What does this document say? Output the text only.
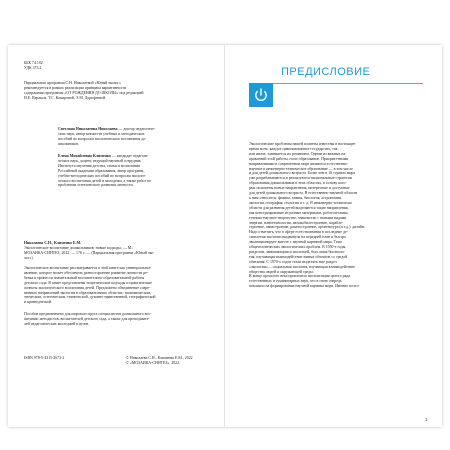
ББК 74.102
УДК 373.2
Парциальная программа С.Н. Николаевой «Юный эколог»
рекомендуется в рамках реализации принципа вариативности
содержания программы «ОТ РОЖДЕНИЯ ДО ШКОЛЫ» под редакцией
Н.Е. Вераксы, Т.С. Комаровой, Э.М. Дорофеевой.
Светлана Николаевна Николаева — доктор педагогиче-
ских наук, автор множеств учебных и методических
пособий по вопросам экологического воспитания до-
школьников.
Елена Михайловна Клименко — кандидат педагоги-
ческих наук, доцент, ведущий научный сотрудник
Института изучения детства, семьи и воспитания
Российской академии образования, автор программ,
учебно-методических пособий по вопросам экологи-
ческого воспитания детей и молодежи, а также работ по
проблемам эстетического развития личности.
Николаева С.Н., Клименко Е.М.
Экологическое воспитание дошкольников: новые подходы. — М.:
МОЗАИКА-СИНТЕЗ, 2022. — 176 с. — (Парциальная программа «Юный эко-
лог»).
Экологическое воспитание рассматривается в этой книге как универсальное
явление, которое может обеспечить разностороннее развитие личности ре-
бенка и принести значительный воспитательно-образовательной работы
детского сада. В книге представлены теоретические подходы и практические
аспекты экологического воспитания детей. Предложено объединение совре-
менных направлений экологии в образовательных областях: экономическом,
этическом, эстетическом, технической, духовно-нравственной, географической
и краеведческой.
Пособие предназначено для широкого круга специалистов дошкольного вос-
питания: методистов, воспитателей детского сада, а также для преподавате-
лей педагогических колледжей и вузов.
ISBN 978-5-4315-2673-2	© Николаева С.Н., Клименко Е.М., 2022
© «МОЗАИКА-СИНТЕЗ», 2022
ПРЕДИСЛОВИЕ
Экологические проблемы нашей планеты известны в настоящее
время всем: каждое цивилизованное государство, так
или иначе, занимается их решением. Одним из важных на-
правлений этой работы стало образование. Приоритетными
направлениями в современном мире являются естественно-
научное и инженерно-техническое образование — в том числе
и для детей дошкольного возраста. Более чем в 10 странах мира
уже разрабатываются и реализуются национальные стратегии
образования дошкольников в этих областях, в основу кото-
рых положены новые направления, интересные и доступные
для детей дошкольного возраста. В естественно-научной области
к ним относятся: физика, химия, биология, астрономия,
экология, география, геология и т. д. В инженерно-техническо
области для развития детей выделяются такие направления,
как конструирование из разных материалов, робототехника,
технико-научное творчество, знакомство с новыми видами
энергии, нанотехнологии, автомобилестроение, корабле-
строение, авиастроение, ракетостроение, архитектура (и т.д.), дизайн.
Надо отметить, что в сфере естествознания в последние де-
сятилетия экологии выдвинула на передней план и быстро
эволюционирует вместе с научной картиной мира. Тема
общечеловеческих экологических проблем. В 1950-е годы
разделом, занимающимся экологией, был лишь биоэколо-
гия, изучающая взаимодействие живых объектов со средой
обитания. С 1970-х годов стали выделять еще раздел
«экологии»— социальная экология, изучающая взаимодействие
общества людей и окружающей среды.
В конце прошлого века произошла экологизация целого ряда
естественных и гуманитарных наук, что в свою очередь
повлияло на формирование научной картины мира. Именно поэто-
3
